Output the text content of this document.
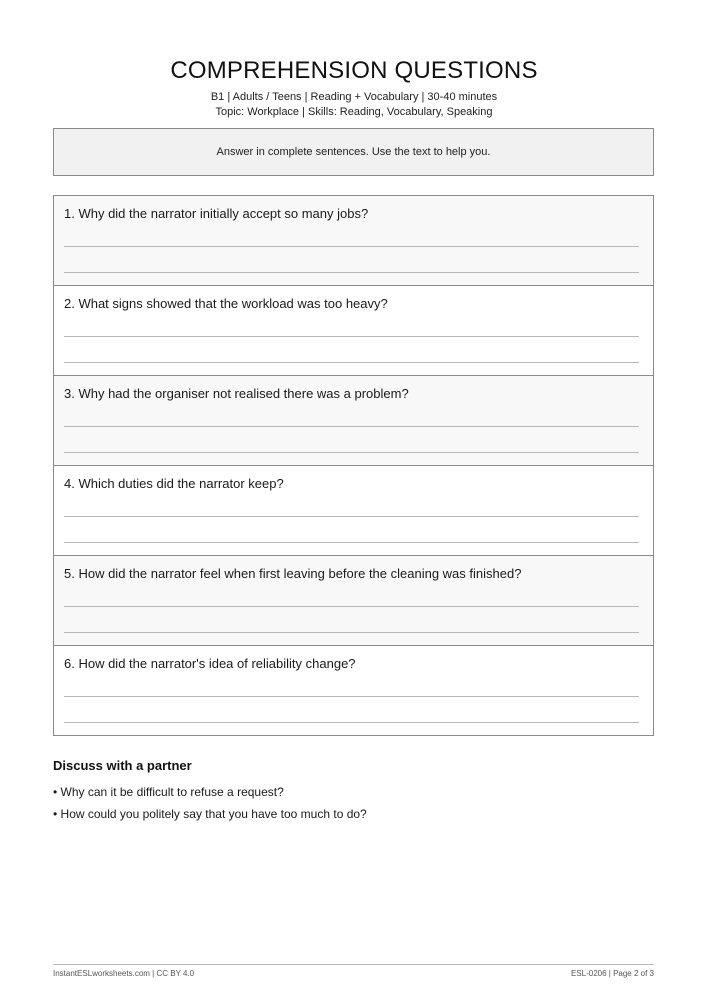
COMPREHENSION QUESTIONS
B1 | Adults / Teens | Reading + Vocabulary | 30-40 minutes
Topic: Workplace | Skills: Reading, Vocabulary, Speaking
Answer in complete sentences. Use the text to help you.
1. Why did the narrator initially accept so many jobs?
2. What signs showed that the workload was too heavy?
3. Why had the organiser not realised there was a problem?
4. Which duties did the narrator keep?
5. How did the narrator feel when first leaving before the cleaning was finished?
6. How did the narrator's idea of reliability change?
Discuss with a partner
• Why can it be difficult to refuse a request?
• How could you politely say that you have too much to do?
InstantESLworksheets.com | CC BY 4.0	ESL-0206 | Page 2 of 3
